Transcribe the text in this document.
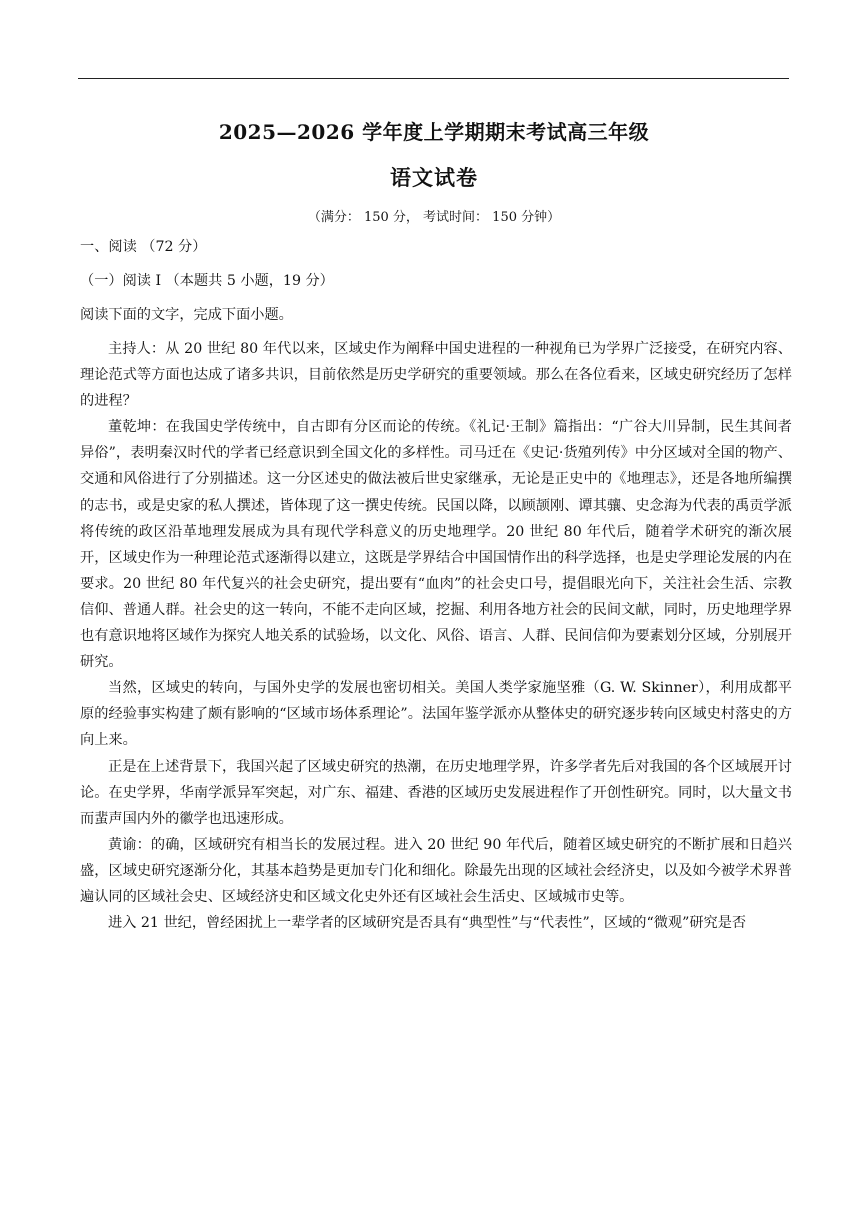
2025—2026 学年度上学期期末考试高三年级
语文试卷
（满分： 150 分， 考试时间： 150 分钟）
一、阅读 （72 分）
（一）阅读 I （本题共 5 小题，19 分）
阅读下面的文字，完成下面小题。

主持人：从 20 世纪 80 年代以来，区域史作为阐释中国史进程的一种视角已为学界广泛接受，在研究内容、理论范式等方面也达成了诸多共识，目前依然是历史学研究的重要领域。那么在各位看来，区域史研究经历了怎样的进程？

董乾坤：在我国史学传统中，自古即有分区而论的传统。《礼记·王制》篇指出：“广谷大川异制，民生其间者异俗”，表明秦汉时代的学者已经意识到全国文化的多样性。司马迁在《史记·货殖列传》中分区域对全国的物产、交通和风俗进行了分别描述。这一分区述史的做法被后世史家继承，无论是正史中的《地理志》，还是各地所编撰的志书，或是史家的私人撰述，皆体现了这一撰史传统。民国以降，以顾颉刚、谭其骧、史念海为代表的禹贡学派将传统的政区沿革地理发展成为具有现代学科意义的历史地理学。20 世纪 80 年代后，随着学术研究的渐次展开，区域史作为一种理论范式逐渐得以建立，这既是学界结合中国国情作出的科学选择，也是史学理论发展的内在要求。20 世纪 80 年代复兴的社会史研究，提出要有“血肉”的社会史口号，提倡眼光向下，关注社会生活、宗教信仰、普通人群。社会史的这一转向，不能不走向区域，挖掘、利用各地方社会的民间文献，同时，历史地理学界也有意识地将区域作为探究人地关系的试验场，以文化、风俗、语言、人群、民间信仰为要素划分区域，分别展开研究。

当然，区域史的转向，与国外史学的发展也密切相关。美国人类学家施坚雅（G. W. Skinner），利用成都平原的经验事实构建了颇有影响的“区域市场体系理论”。法国年鉴学派亦从整体史的研究逐步转向区域史村落史的方向上来。

正是在上述背景下，我国兴起了区域史研究的热潮，在历史地理学界，许多学者先后对我国的各个区域展开讨论。在史学界，华南学派异军突起，对广东、福建、香港的区域历史发展进程作了开创性研究。同时，以大量文书而蜚声国内外的徽学也迅速形成。

黄谕：的确，区域研究有相当长的发展过程。进入 20 世纪 90 年代后，随着区域史研究的不断扩展和日趋兴盛，区域史研究逐渐分化，其基本趋势是更加专门化和细化。除最先出现的区域社会经济史，以及如今被学术界普遍认同的区域社会史、区域经济史和区域文化史外还有区域社会生活史、区域城市史等。

进入 21 世纪，曾经困扰上一辈学者的区域研究是否具有“典型性”与“代表性”，区域的“微观”研究是否
